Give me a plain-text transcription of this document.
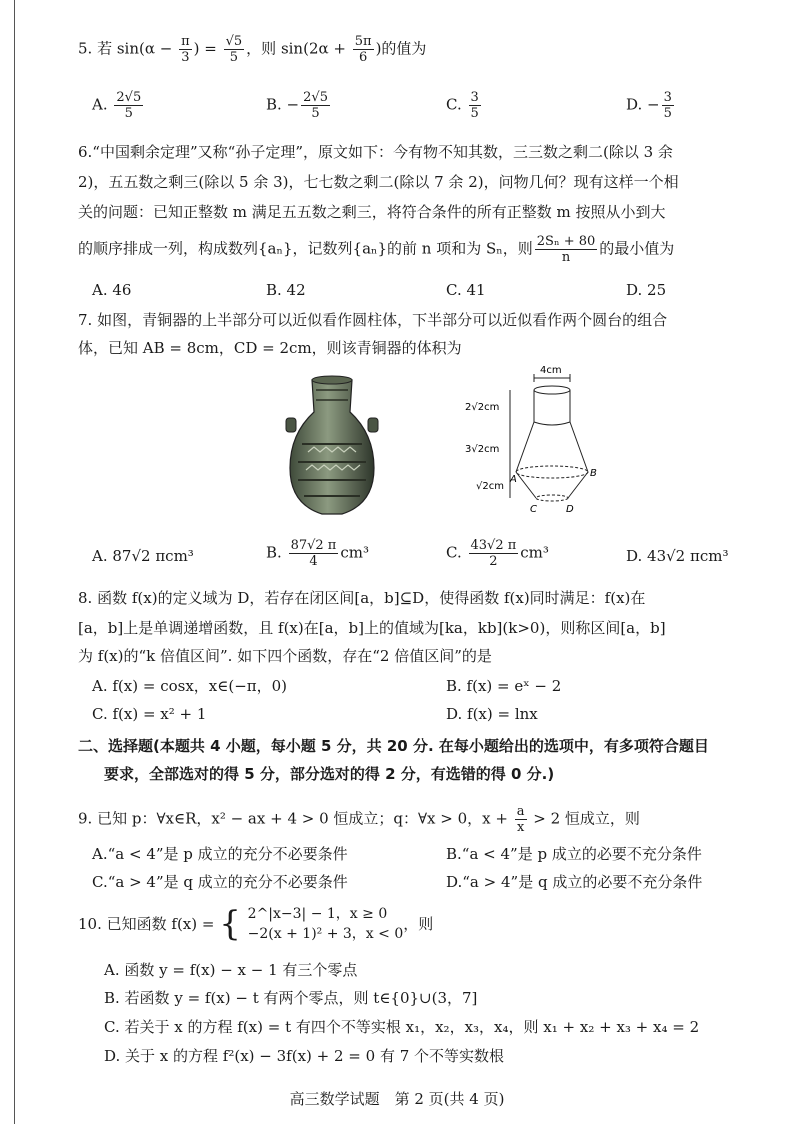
5. 若 $\sin(\alpha - \frac{\pi}{3}$ ) = $\frac{√5}{5}$ ，则 $\sin(2\alpha + \frac{5\pi}{6}$ )的值为
A. $\frac{2√5}{5}$	B. − $\frac{2√5}{5}$	C. $\frac{3}{5}$	D. − $\frac{3}{5}$
6.“中国剩余定理”又称“孙子定理”，原文如下：今有物不知其数，三三数之剩二(除以 3 余
2)，五五数之剩三(除以 5 余 3)，七七数之剩二(除以 7 余 2)，问物几何？现有这样一个相
关的问题：已知正整数 m 满足五五数之剩三，将符合条件的所有正整数 m 按照从小到大
的顺序排成一列，构成数列{aₙ}，记数列{aₙ}的前 n 项和为 Sₙ，则 $\frac{\text{2Sₙ + 80}}{n}$ 的最小值为
A. 46	B. 42	C. 41	D. 25
7. 如图，青铜器的上半部分可以近似看作圆柱体，下半部分可以近似看作两个圆台的组合
体，已知 AB = 8cm，CD = 2cm，则该青铜器的体积为
4cm
2√2cm
3√2cm
√2cm
A
B
C	D
A. 87√2 πcm³	B. $\frac{87√2 \pi}{4} cm^3$	C. $\frac{43√2 \pi}{2} cm^3$	D. 43√2 πcm³
8. 函数 f(x)的定义域为 D，若存在闭区间[a，b]⊆D，使得函数 f(x)同时满足：f(x)在
[a，b]上是单调递增函数，且 f(x)在[a，b]上的值域为[ka，kb](k>0)，则称区间[a，b]
为 f(x)的“k 倍值区间”. 如下四个函数，存在“2 倍值区间”的是
A. f(x) = cosx，x∈(−π，0)	B. f(x) = eˣ − 2
C. f(x) = x² + 1	D. f(x) = lnx
二、选择题(本题共 4 小题，每小题 5 分，共 20 分. 在每小题给出的选项中，有多项符合题目
要求，全部选对的得 5 分，部分选对的得 2 分，有选错的得 0 分.)
9. 已知 p：∀x∈R，x² − ax + 4 > 0 恒成立；q：∀x > 0，$x + \frac{a}{x} > 2$ 恒成立，则
A.“a < 4”是 p 成立的充分不必要条件	B.“a < 4”是 p 成立的必要不充分条件
C.“a > 4”是 q 成立的充分不必要条件	D.“a > 4”是 q 成立的必要不充分条件
10. 已知函数 f(x) = { 2^|x−3| − 1，x ≥ 0
−2(x + 1)² + 3，x < 0
，则
A. 函数 y = f(x) − x − 1 有三个零点
B. 若函数 y = f(x) − t 有两个零点，则 t∈{0}∪(3，7]
C. 若关于 x 的方程 f(x) = t 有四个不等实根 x₁，x₂，x₃，x₄，则 x₁ + x₂ + x₃ + x₄ = 2
D. 关于 x 的方程 f²(x) − 3f(x) + 2 = 0 有 7 个不等实数根
高三数学试题　第 2 页(共 4 页)
